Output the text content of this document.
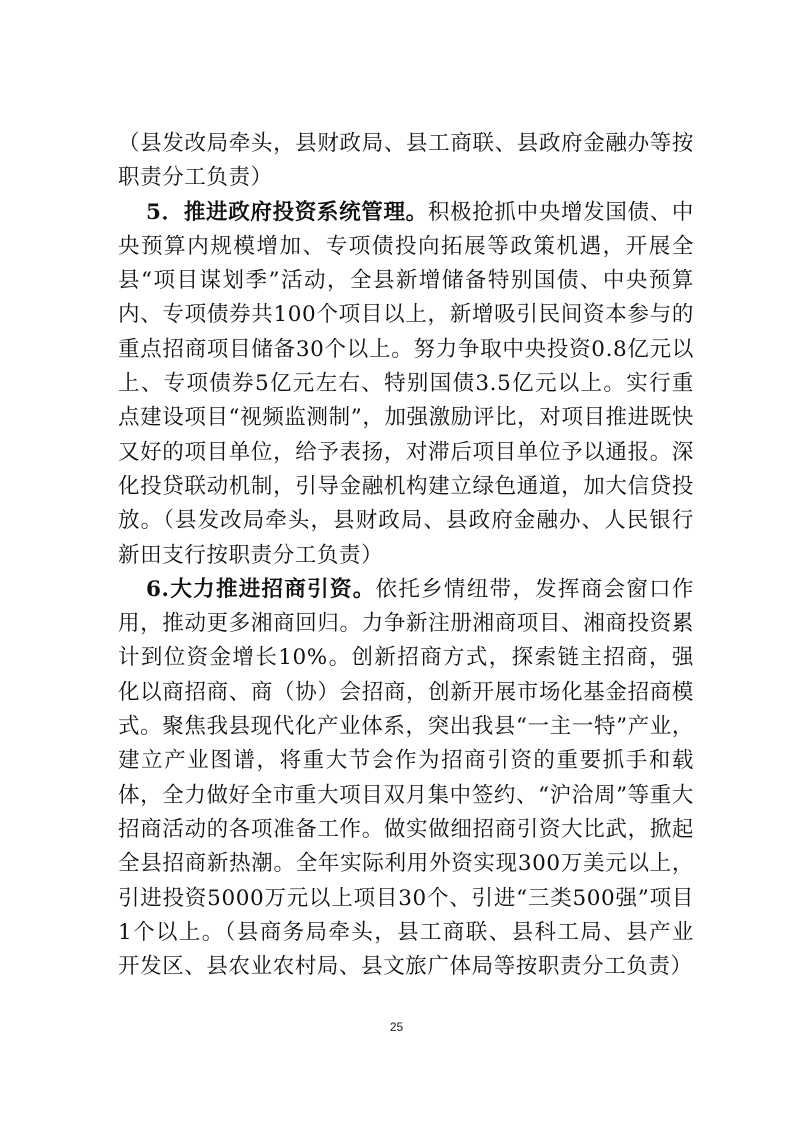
（县发改局牵头，县财政局、县工商联、县政府金融办等按职责分工负责）

5．推进政府投资系统管理。积极抢抓中央增发国债、中央预算内规模增加、专项债投向拓展等政策机遇，开展全县“项目谋划季”活动，全县新增储备特别国债、中央预算内、专项债券共100个项目以上，新增吸引民间资本参与的重点招商项目储备30个以上。努力争取中央投资0.8亿元以上、专项债券5亿元左右、特别国债3.5亿元以上。实行重点建设项目“视频监测制”，加强激励评比，对项目推进既快又好的项目单位，给予表扬，对滞后项目单位予以通报。深化投贷联动机制，引导金融机构建立绿色通道，加大信贷投放。（县发改局牵头，县财政局、县政府金融办、人民银行新田支行按职责分工负责）

6.大力推进招商引资。依托乡情纽带，发挥商会窗口作用，推动更多湘商回归。力争新注册湘商项目、湘商投资累计到位资金增长10%。创新招商方式，探索链主招商，强化以商招商、商（协）会招商，创新开展市场化基金招商模式。聚焦我县现代化产业体系，突出我县“一主一特”产业，建立产业图谱，将重大节会作为招商引资的重要抓手和载体，全力做好全市重大项目双月集中签约、“沪洽周”等重大招商活动的各项准备工作。做实做细招商引资大比武，掀起全县招商新热潮。全年实际利用外资实现300万美元以上，引进投资5000万元以上项目30个、引进“三类500强”项目1个以上。（县商务局牵头，县工商联、县科工局、县产业开发区、县农业农村局、县文旅广体局等按职责分工负责）

25
